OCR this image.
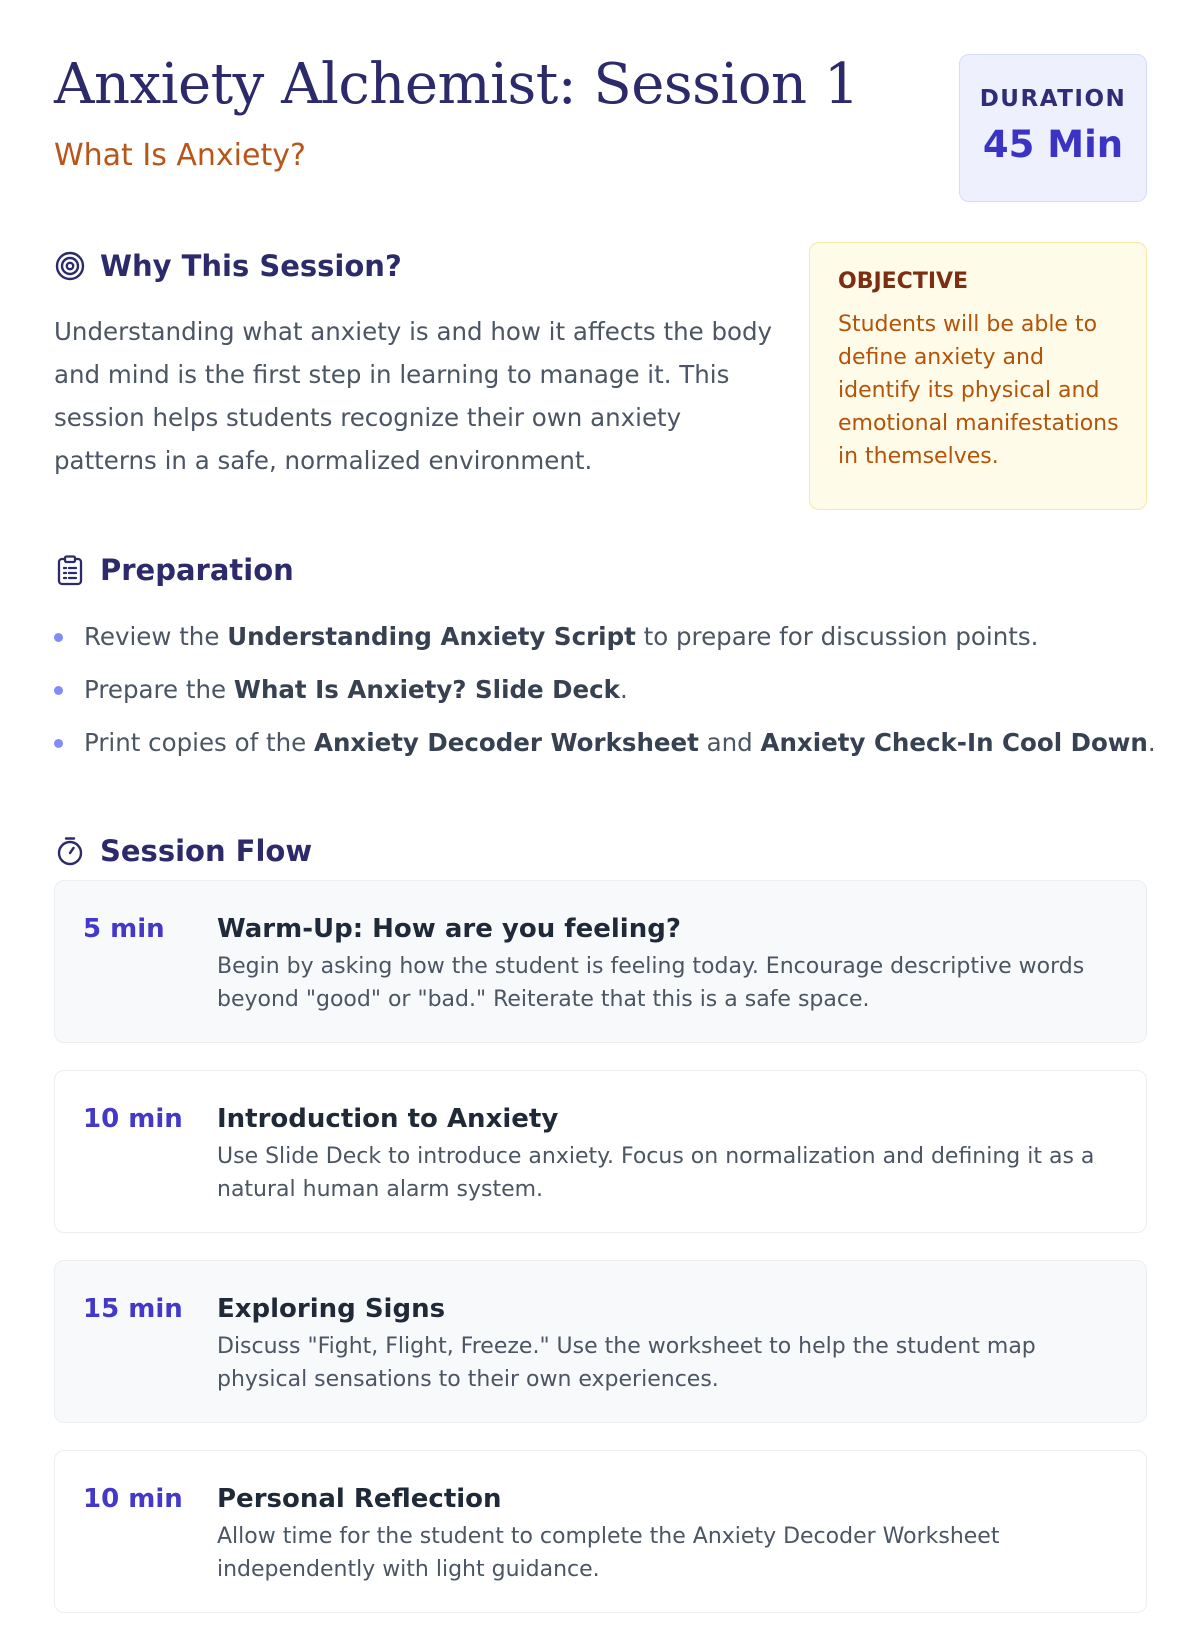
Anxiety Alchemist: Session 1
What Is Anxiety?
DURATION
45 Min
Why This Session?

Understanding what anxiety is and how it affects the body and mind is the first step in learning to manage it. This session helps students recognize their own anxiety patterns in a safe, normalized environment.

OBJECTIVE

Students will be able to define anxiety and identify its physical and emotional manifestations in themselves.

Preparation
Review the Understanding Anxiety Script to prepare for discussion points.
Prepare the What Is Anxiety? Slide Deck.
Print copies of the Anxiety Decoder Worksheet and Anxiety Check-In Cool Down.
Session Flow
5 min Warm-Up: How are you feeling?

Begin by asking how the student is feeling today. Encourage descriptive words beyond "good" or "bad." Reiterate that this is a safe space.

10 min Introduction to Anxiety

Use Slide Deck to introduce anxiety. Focus on normalization and defining it as a natural human alarm system.

15 min Exploring Signs

Discuss "Fight, Flight, Freeze." Use the worksheet to help the student map physical sensations to their own experiences.

10 min Personal Reflection

Allow time for the student to complete the Anxiety Decoder Worksheet independently with light guidance.
